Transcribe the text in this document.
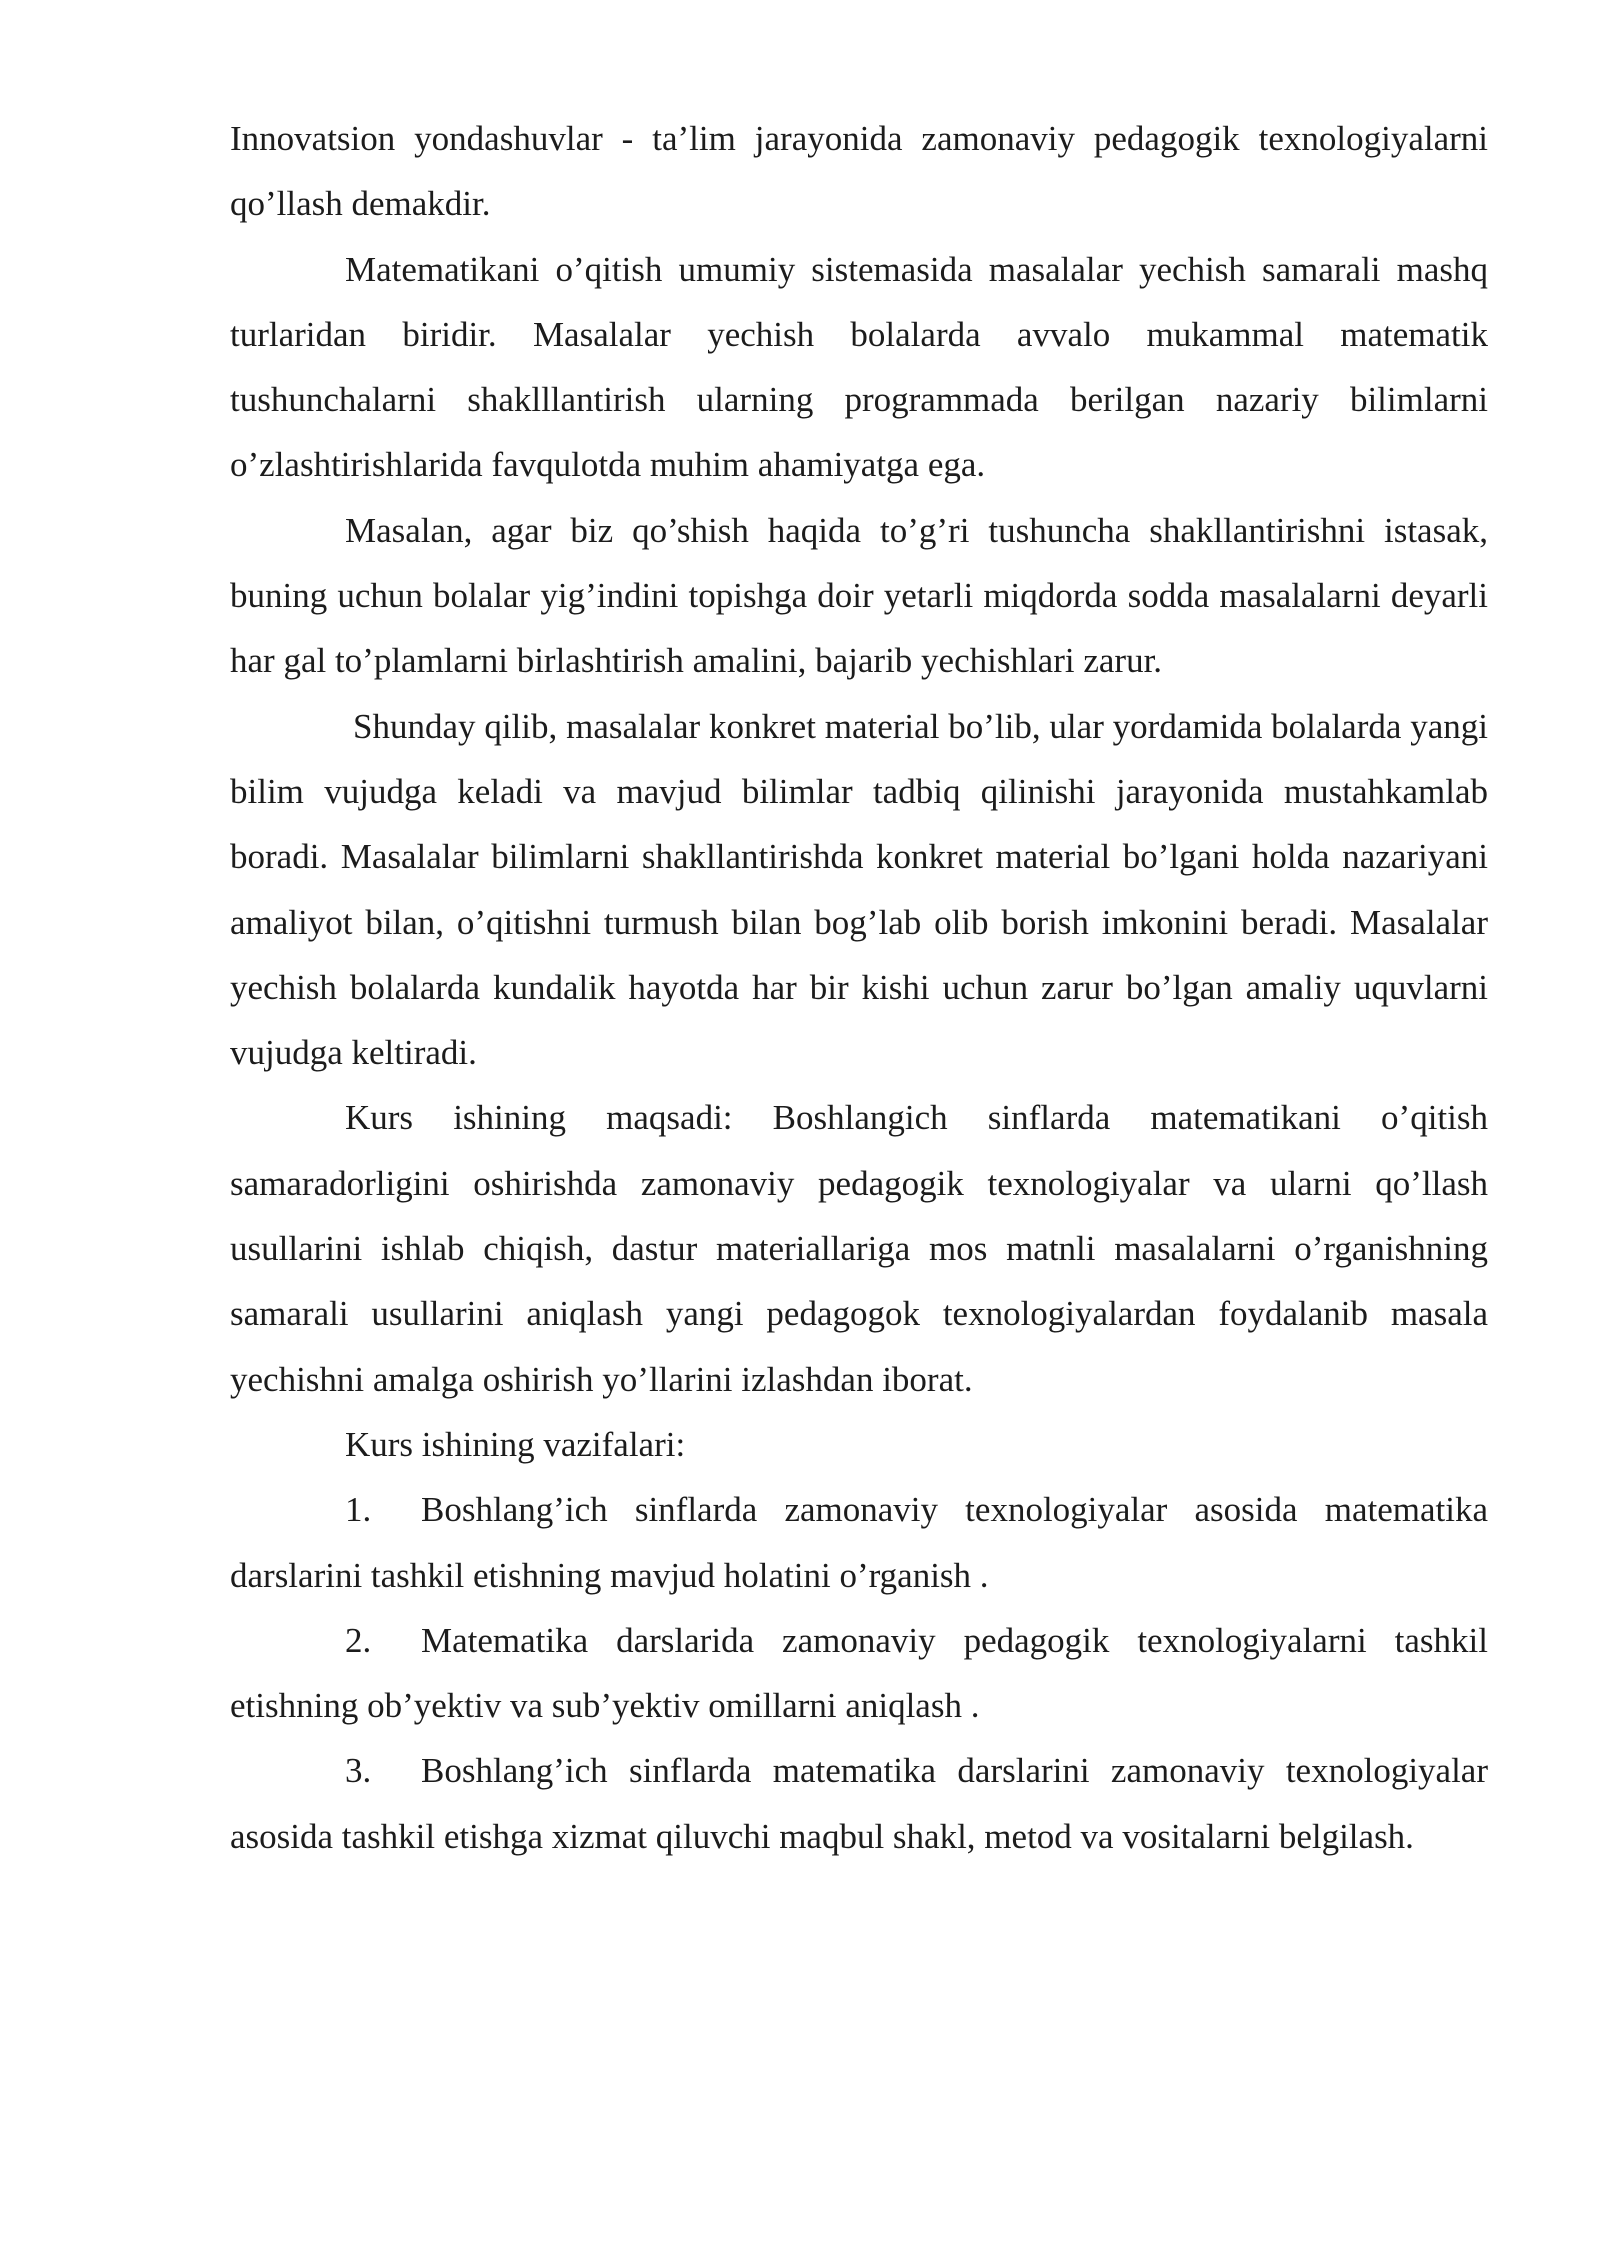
Innovatsion yondashuvlar - ta’lim jarayonida zamonaviy pedagogik texnologiyalarni qo’llash demakdir.

Matematikani o’qitish umumiy sistemasida masalalar yechish samarali mashq turlaridan biridir. Masalalar yechish bolalarda avvalo mukammal matematik tushunchalarni shaklllantirish ularning programmada berilgan nazariy bilimlarni o’zlashtirishlarida favqulotda muhim ahamiyatga ega.

Masalan, agar biz qo’shish haqida to’g’ri tushuncha shakllantirishni istasak, buning uchun bolalar yig’indini topishga doir yetarli miqdorda sodda masalalarni deyarli har gal to’plamlarni birlashtirish amalini, bajarib yechishlari zarur.

Shunday qilib, masalalar konkret material bo’lib, ular yordamida bolalarda yangi bilim vujudga keladi va mavjud bilimlar tadbiq qilinishi jarayonida mustahkamlab boradi. Masalalar bilimlarni shakllantirishda konkret material bo’lgani holda nazariyani amaliyot bilan, o’qitishni turmush bilan bog’lab olib borish imkonini beradi. Masalalar yechish bolalarda kundalik hayotda har bir kishi uchun zarur bo’lgan amaliy uquvlarni vujudga keltiradi.

Kurs ishining maqsadi: Boshlangich sinflarda matematikani o’qitish samaradorligini oshirishda zamonaviy pedagogik texnologiyalar va ularni qo’llash usullarini ishlab chiqish, dastur materiallariga mos matnli masalalarni o’rganishning samarali usullarini aniqlash yangi pedagogok texnologiyalardan foydalanib masala yechishni amalga oshirish yo’llarini izlashdan iborat.

Kurs ishining vazifalari:

1. Boshlang’ich sinflarda zamonaviy texnologiyalar asosida matematika darslarini tashkil etishning mavjud holatini o’rganish .

2. Matematika darslarida zamonaviy pedagogik texnologiyalarni tashkil etishning ob’yektiv va sub’yektiv omillarni aniqlash .

3. Boshlang’ich sinflarda matematika darslarini zamonaviy texnologiyalar asosida tashkil etishga xizmat qiluvchi maqbul shakl, metod va vositalarni belgilash.
